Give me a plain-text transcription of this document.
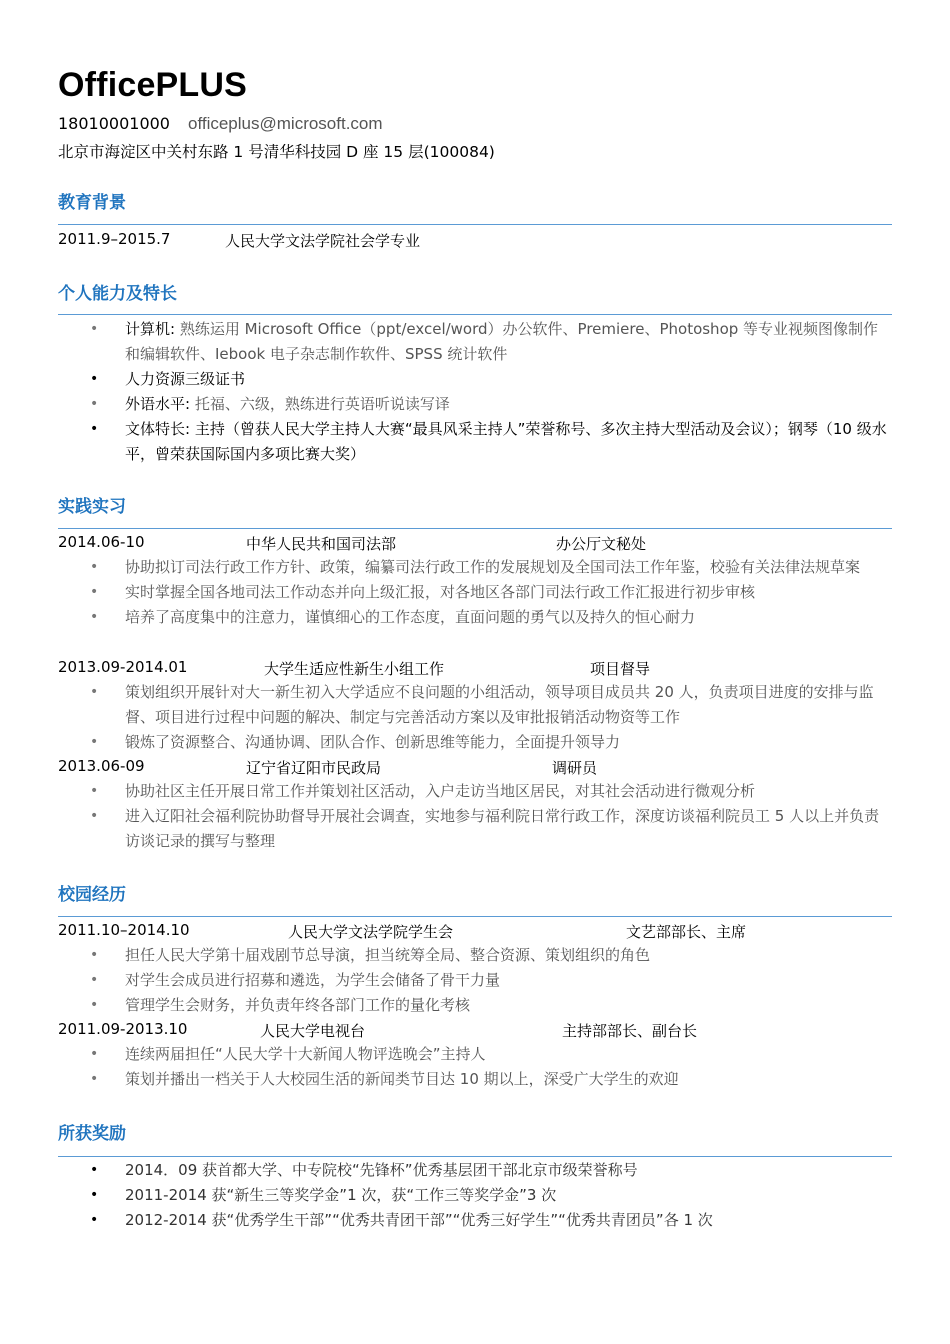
OfficePLUS
18010001000 officeplus@microsoft.com
北京市海淀区中关村东路 1 号清华科技园 D 座 15 层(100084)
教育背景
2011.9–2015.7	人民大学文法学院社会学专业
个人能力及特长
• 计算机: 熟练运用 Microsoft Office（ppt/excel/word）办公软件、Premiere、Photoshop 等专业视频图像制作和编辑软件、Iebook 电子杂志制作软件、SPSS 统计软件
• 人力资源三级证书
• 外语水平: 托福、六级，熟练进行英语听说读写译
• 文体特长: 主持（曾获人民大学主持人大赛“最具风采主持人”荣誉称号、多次主持大型活动及会议）；钢琴（10 级水平，曾荣获国际国内多项比赛大奖）
实践实习
2014.06-10	中华人民共和国司法部	办公厅文秘处
• 协助拟订司法行政工作方针、政策，编纂司法行政工作的发展规划及全国司法工作年鉴，校验有关法律法规草案
• 实时掌握全国各地司法工作动态并向上级汇报，对各地区各部门司法行政工作汇报进行初步审核
• 培养了高度集中的注意力，谨慎细心的工作态度，直面问题的勇气以及持久的恒心耐力
2013.09-2014.01	大学生适应性新生小组工作	项目督导
• 策划组织开展针对大一新生初入大学适应不良问题的小组活动，领导项目成员共 20 人，负责项目进度的安排与监督、项目进行过程中问题的解决、制定与完善活动方案以及审批报销活动物资等工作
• 锻炼了资源整合、沟通协调、团队合作、创新思维等能力，全面提升领导力
2013.06-09	辽宁省辽阳市民政局	调研员
• 协助社区主任开展日常工作并策划社区活动，入户走访当地区居民，对其社会活动进行微观分析
• 进入辽阳社会福利院协助督导开展社会调查，实地参与福利院日常行政工作，深度访谈福利院员工 5 人以上并负责访谈记录的撰写与整理
校园经历
2011.10–2014.10	人民大学文法学院学生会	文艺部部长、主席
• 担任人民大学第十届戏剧节总导演，担当统筹全局、整合资源、策划组织的角色
• 对学生会成员进行招募和遴选，为学生会储备了骨干力量
• 管理学生会财务，并负责年终各部门工作的量化考核
2011.09-2013.10	人民大学电视台	主持部部长、副台长
• 连续两届担任“人民大学十大新闻人物评选晚会”主持人
• 策划并播出一档关于人大校园生活的新闻类节目达 10 期以上，深受广大学生的欢迎
所获奖励
• 2014．09 获首都大学、中专院校“先锋杯”优秀基层团干部北京市级荣誉称号
• 2011-2014 获“新生三等奖学金”1 次，获“工作三等奖学金”3 次
• 2012-2014 获“优秀学生干部”“优秀共青团干部”“优秀三好学生”“优秀共青团员”各 1 次
